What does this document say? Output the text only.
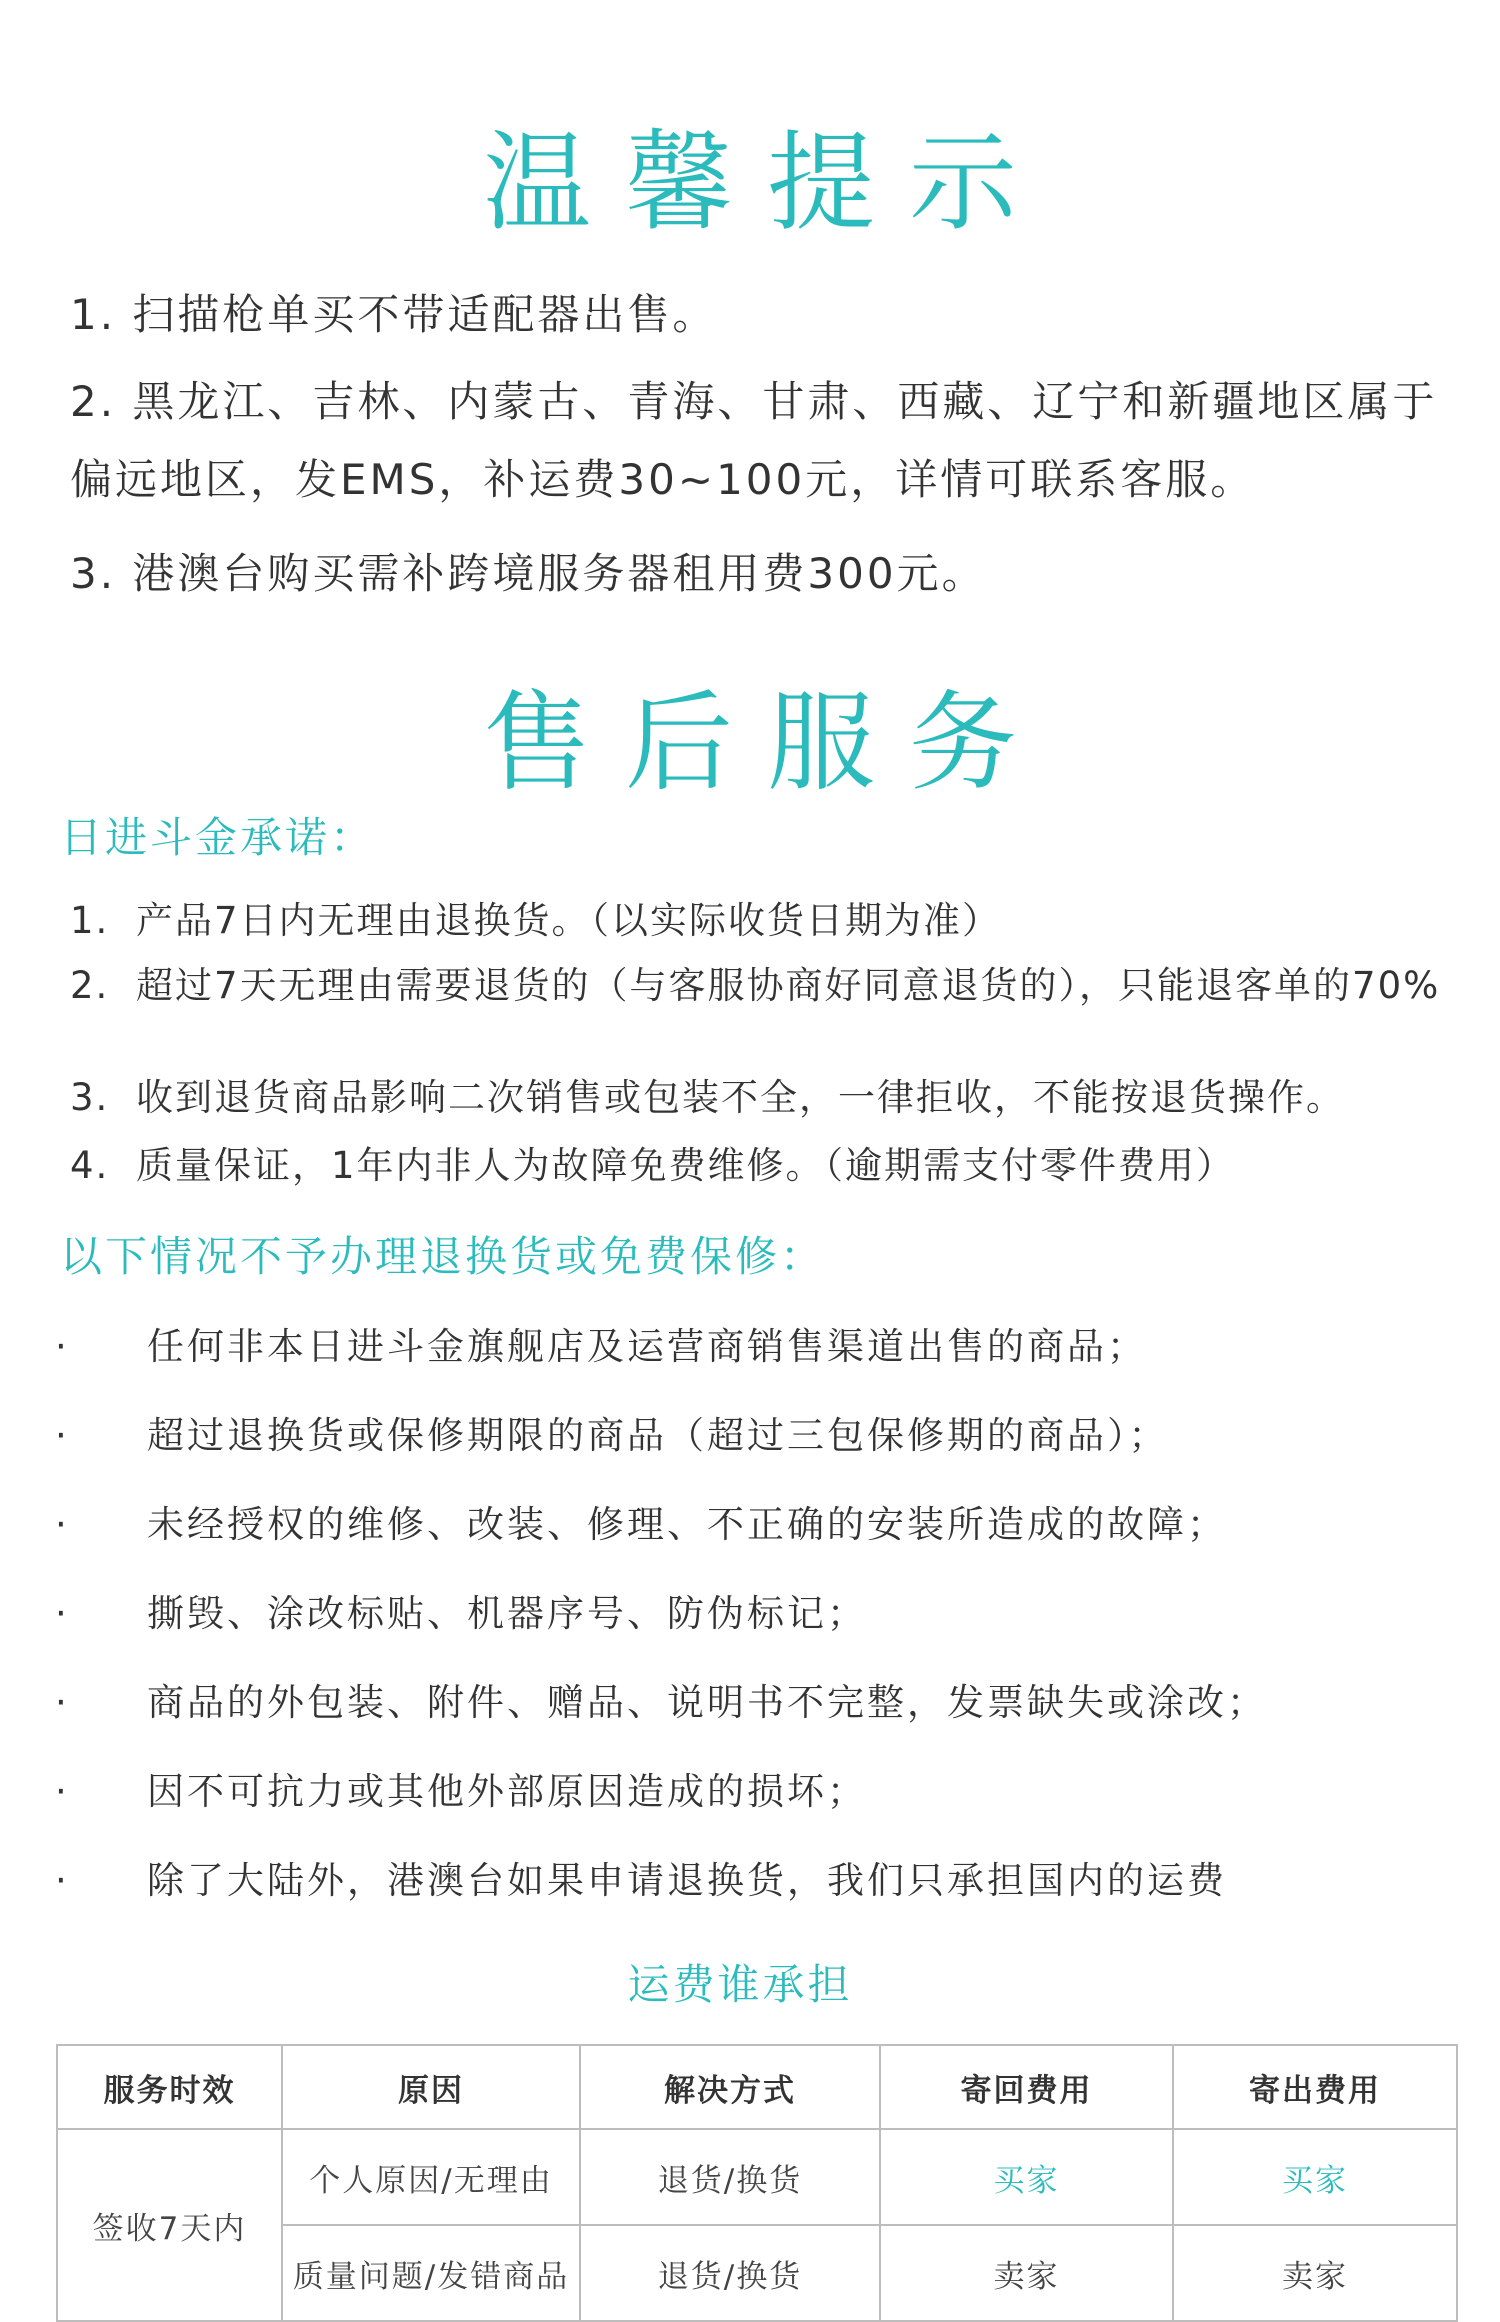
温馨提示

1. 扫描枪单买不带适配器出售。

2. 黑龙江、吉林、内蒙古、青海、甘肃、西藏、辽宁和新疆地区属于偏远地区，发EMS，补运费30~100元，详情可联系客服。

3. 港澳台购买需补跨境服务器租用费300元。

售后服务
日进斗金承诺：
1. 产品7日内无理由退换货。（以实际收货日期为准）
2. 超过7天无理由需要退货的（与客服协商好同意退货的），只能退客单的70%
3. 收到退货商品影响二次销售或包装不全，一律拒收，不能按退货操作。
4. 质量保证，1年内非人为故障免费维修。（逾期需支付零件费用）
以下情况不予办理退换货或免费保修：
·	任何非本日进斗金旗舰店及运营商销售渠道出售的商品；
·	超过退换货或保修期限的商品（超过三包保修期的商品）；
·	未经授权的维修、改装、修理、不正确的安装所造成的故障；
·	撕毁、涂改标贴、机器序号、防伪标记；
·	商品的外包装、附件、赠品、说明书不完整，发票缺失或涂改；
·	因不可抗力或其他外部原因造成的损坏；
·	除了大陆外，港澳台如果申请退换货，我们只承担国内的运费
运费谁承担
服务时效	原因	解决方式	寄回费用	寄出费用
签收7天内	个人原因/无理由	退货/换货	买家	买家
	质量问题/发错商品	退货/换货	卖家	卖家
